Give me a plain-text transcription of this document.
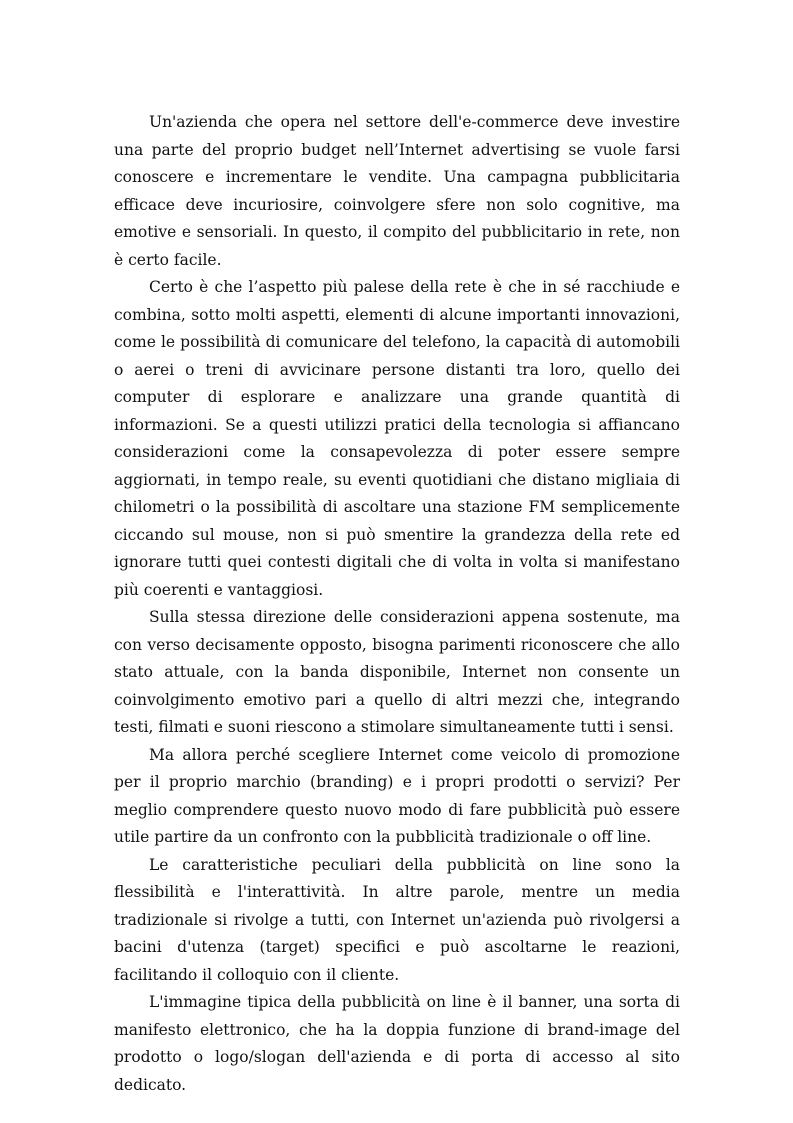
Un'azienda che opera nel settore dell'e-commerce deve investire una parte del proprio budget nell’Internet advertising se vuole farsi conoscere e incrementare le vendite. Una campagna pubblicitaria efficace deve incuriosire, coinvolgere sfere non solo cognitive, ma emotive e sensoriali. In questo, il compito del pubblicitario in rete, non è certo facile.

Certo è che l’aspetto più palese della rete è che in sé racchiude e combina, sotto molti aspetti, elementi di alcune importanti innovazioni, come le possibilità di comunicare del telefono, la capacità di automobili o aerei o treni di avvicinare persone distanti tra loro, quello dei computer di esplorare e analizzare una grande quantità di informazioni. Se a questi utilizzi pratici della tecnologia si affiancano considerazioni come la consapevolezza di poter essere sempre aggiornati, in tempo reale, su eventi quotidiani che distano migliaia di chilometri o la possibilità di ascoltare una stazione FM semplicemente ciccando sul mouse, non si può smentire la grandezza della rete ed ignorare tutti quei contesti digitali che di volta in volta si manifestano più coerenti e vantaggiosi.

Sulla stessa direzione delle considerazioni appena sostenute, ma con verso decisamente opposto, bisogna parimenti riconoscere che allo stato attuale, con la banda disponibile, Internet non consente un coinvolgimento emotivo pari a quello di altri mezzi che, integrando testi, filmati e suoni riescono a stimolare simultaneamente tutti i sensi.

Ma allora perché scegliere Internet come veicolo di promozione per il proprio marchio (branding) e i propri prodotti o servizi? Per meglio comprendere questo nuovo modo di fare pubblicità può essere utile partire da un confronto con la pubblicità tradizionale o off line.

Le caratteristiche peculiari della pubblicità on line sono la flessibilità e l'interattività. In altre parole, mentre un media tradizionale si rivolge a tutti, con Internet un'azienda può rivolgersi a bacini d'utenza (target) specifici e può ascoltarne le reazioni, facilitando il colloquio con il cliente.

L'immagine tipica della pubblicità on line è il banner, una sorta di manifesto elettronico, che ha la doppia funzione di brand-image del prodotto o logo/slogan dell'azienda e di porta di accesso al sito dedicato.
